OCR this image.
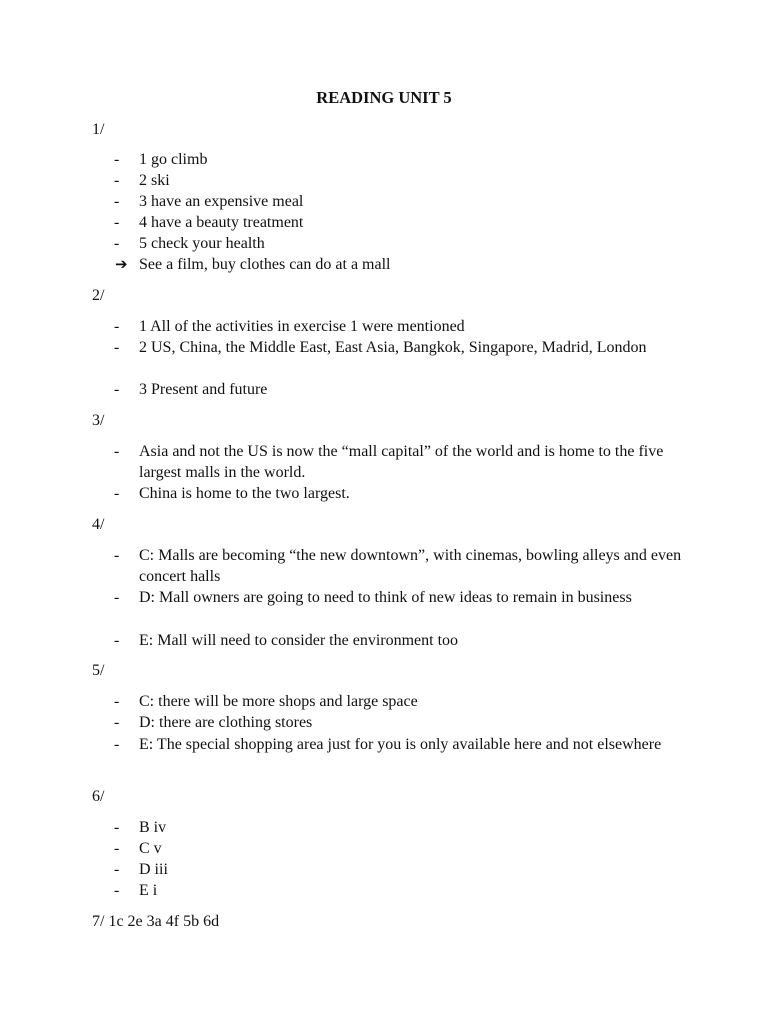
READING UNIT 5
1/
- 1 go climb
- 2 ski
- 3 have an expensive meal
- 4 have a beauty treatment
- 5 check your health
➔ See a film, buy clothes can do at a mall
2/
- 1 All of the activities in exercise 1 were mentioned
- 2 US, China, the Middle East, East Asia, Bangkok, Singapore, Madrid, London
- 3 Present and future
3/
- Asia and not the US is now the “mall capital” of the world and is home to the five largest malls in the world.
- China is home to the two largest.
4/
- C: Malls are becoming “the new downtown”, with cinemas, bowling alleys and even concert halls
- D: Mall owners are going to need to think of new ideas to remain in business
- E: Mall will need to consider the environment too
5/
- C: there will be more shops and large space
- D: there are clothing stores
- E: The special shopping area just for you is only available here and not elsewhere
6/
- B iv
- C v
- D iii
- E i
7/ 1c 2e 3a 4f 5b 6d
